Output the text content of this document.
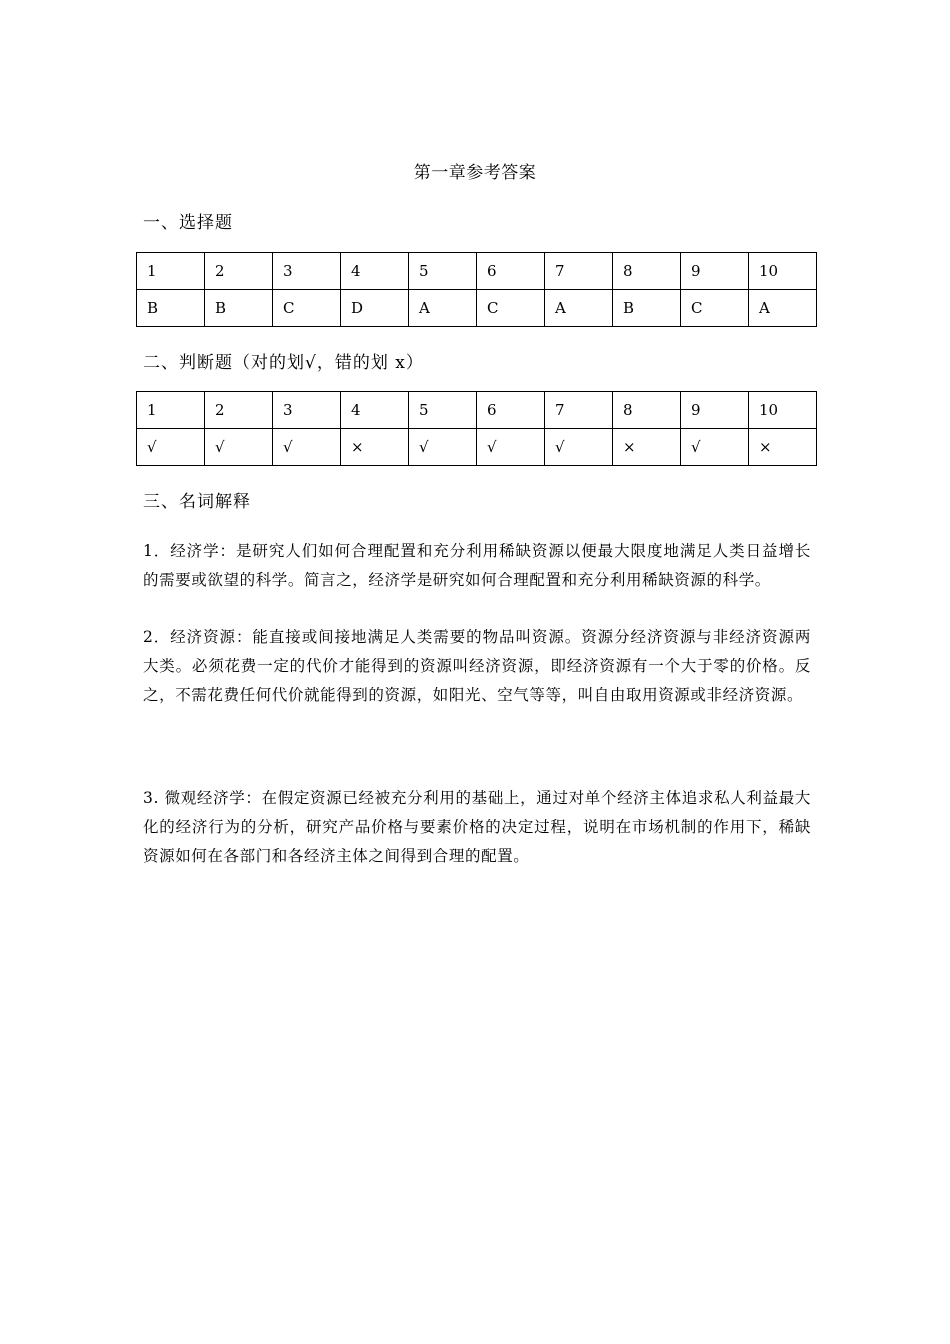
第一章参考答案
一、选择题
1	2	3	4	5	6	7	8	9	10
B	B	C	D	A	C	A	B	C	A
二、判断题（对的划√，错的划 x）
1	2	3	4	5	6	7	8	9	10
√	√	√	×	√	√	√	×	√	×
三、名词解释
1．经济学：是研究人们如何合理配置和充分利用稀缺资源以便最大限度地满足人类日益增长的需要或欲望的科学。简言之，经济学是研究如何合理配置和充分利用稀缺资源的科学。
2．经济资源：能直接或间接地满足人类需要的物品叫资源。资源分经济资源与非经济资源两大类。必须花费一定的代价才能得到的资源叫经济资源，即经济资源有一个大于零的价格。反之，不需花费任何代价就能得到的资源，如阳光、空气等等，叫自由取用资源或非经济资源。
3. 微观经济学：在假定资源已经被充分利用的基础上，通过对单个经济主体追求私人利益最大化的经济行为的分析，研究产品价格与要素价格的决定过程，说明在市场机制的作用下，稀缺资源如何在各部门和各经济主体之间得到合理的配置。
